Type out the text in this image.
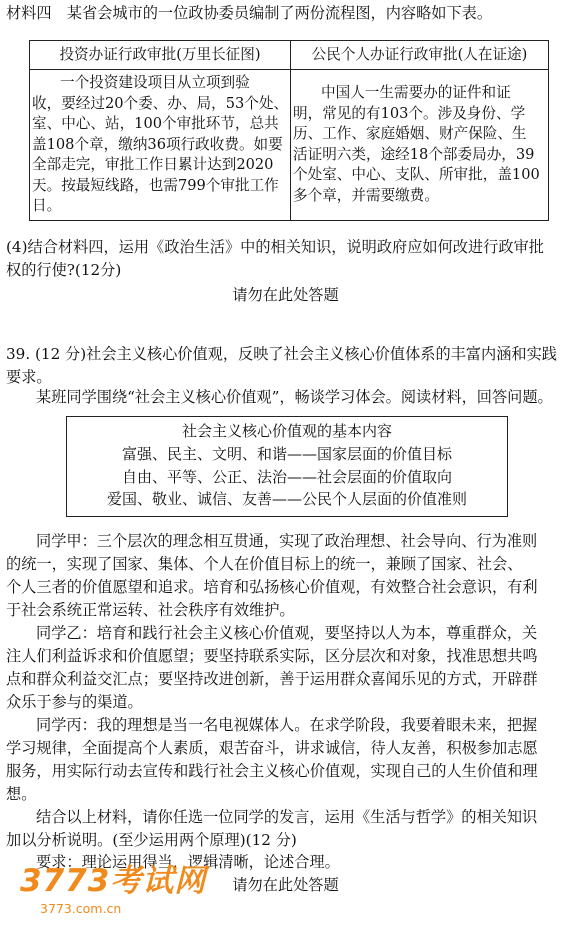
材料四　某省会城市的一位政协委员编制了两份流程图，内容略如下表。
投资办证行政审批(万里长征图)	公民个人办证行政审批(人在证途)
一个投资建设项目从立项到验
收，要经过20个委、办、局，53个处、
室、中心、站，100个审批环节，总共
盖108个章，缴纳36项行政收费。如要
全部走完，审批工作日累计达到2020
天。按最短线路，也需799个审批工作
日。
中国人一生需要办的证件和证
明，常见的有103个。涉及身份、学
历、工作、家庭婚姻、财产保险、生
活证明六类，途经18个部委局办，39
个处室、中心、支队、所审批，盖100
多个章，并需要缴费。
(4)结合材料四，运用《政治生活》中的相关知识，说明政府应如何改进行政审批
权的行使?(12分)
请勿在此处答题
39. (12 分)社会主义核心价值观，反映了社会主义核心价值体系的丰富内涵和实践
要求。
某班同学围绕“社会主义核心价值观”，畅谈学习体会。阅读材料，回答问题。
社会主义核心价值观的基本内容
富强、民主、文明、和谐——国家层面的价值目标
自由、平等、公正、法治——社会层面的价值取向
爱国、敬业、诚信、友善——公民个人层面的价值准则
同学甲：三个层次的理念相互贯通，实现了政治理想、社会导向、行为准则
的统一，实现了国家、集体、个人在价值目标上的统一，兼顾了国家、社会、
个人三者的价值愿望和追求。培育和弘扬核心价值观，有效整合社会意识，有利
于社会系统正常运转、社会秩序有效维护。
同学乙：培育和践行社会主义核心价值观，要坚持以人为本，尊重群众，关
注人们利益诉求和价值愿望；要坚持联系实际，区分层次和对象，找准思想共鸣
点和群众利益交汇点；要坚持改进创新，善于运用群众喜闻乐见的方式，开辟群
众乐于参与的渠道。
同学丙：我的理想是当一名电视媒体人。在求学阶段，我要着眼未来，把握
学习规律，全面提高个人素质，艰苦奋斗，讲求诚信，待人友善，积极参加志愿
服务，用实际行动去宣传和践行社会主义核心价值观，实现自己的人生价值和理
想。
结合以上材料，请你任选一位同学的发言，运用《生活与哲学》的相关知识
加以分析说明。(至少运用两个原理)(12 分)
要求：理论运用得当，逻辑清晰，论述合理。
请勿在此处答题
3773考试网
3773.com.cn
